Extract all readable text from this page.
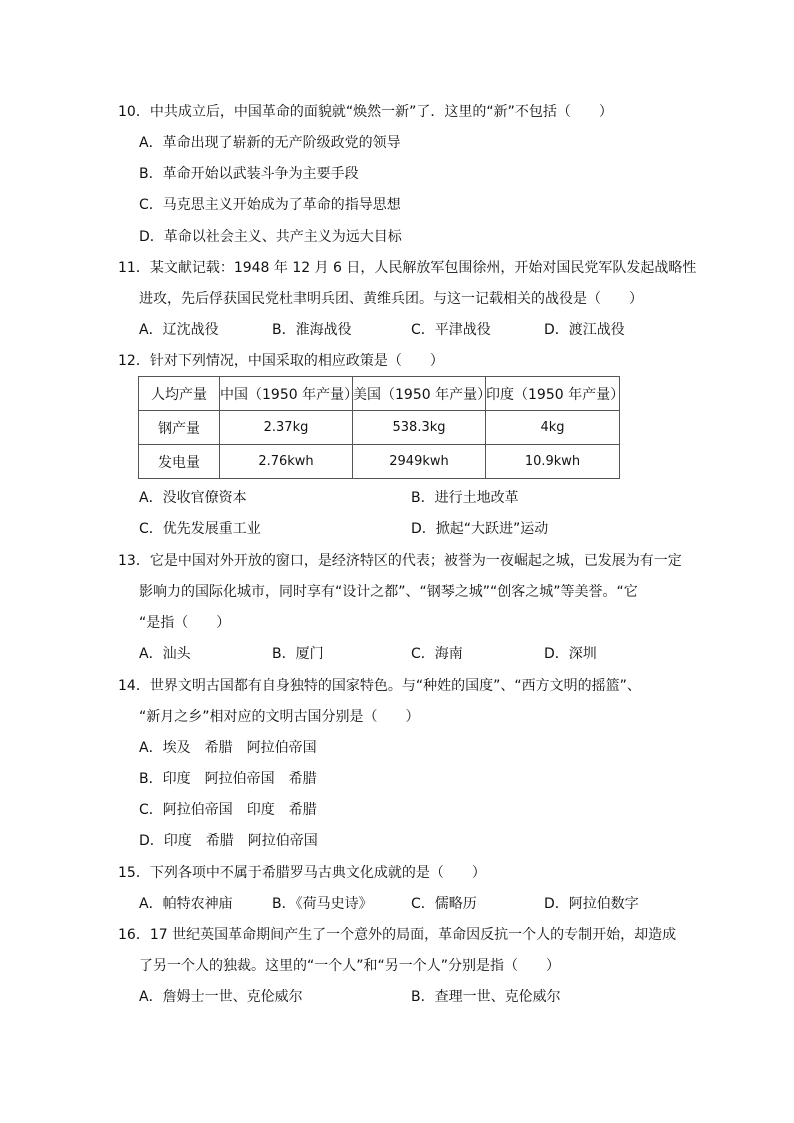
10．中共成立后，中国革命的面貌就“焕然一新”了．这里的“新”不包括（　　）
A．革命出现了崭新的无产阶级政党的领导
B．革命开始以武装斗争为主要手段
C．马克思主义开始成为了革命的指导思想
D．革命以社会主义、共产主义为远大目标
11．某文献记载：1948 年 12 月 6 日，人民解放军包围徐州，开始对国民党军队发起战略性
进攻，先后俘获国民党杜聿明兵团、黄维兵团。与这一记载相关的战役是（　　）
A．辽沈战役	B．淮海战役	C．平津战役	D．渡江战役
12．针对下列情况，中国采取的相应政策是（　　）
人均产量	中国（1950 年产量）	美国（1950 年产量）	印度（1950 年产量）
钢产量	2.37kg	538.3kg	4kg
发电量	2.76kwh	2949kwh	10.9kwh
A．没收官僚资本	B．进行土地改革
C．优先发展重工业	D．掀起“大跃进”运动
13．它是中国对外开放的窗口，是经济特区的代表；被誉为一夜崛起之城，已发展为有一定
影响力的国际化城市，同时享有“设计之都”、“钢琴之城”“创客之城”等美誉。“它
“是指（　　）
A．汕头	B．厦门	C．海南	D．深圳
14．世界文明古国都有自身独特的国家特色。与“种姓的国度”、“西方文明的摇篮”、
“新月之乡”相对应的文明古国分别是（　　）
A．埃及　希腊　阿拉伯帝国
B．印度　阿拉伯帝国　希腊
C．阿拉伯帝国　印度　希腊
D．印度　希腊　阿拉伯帝国
15．下列各项中不属于希腊罗马古典文化成就的是（　　）
A．帕特农神庙	B．《荷马史诗》	C．儒略历	D．阿拉伯数字
16．17 世纪英国革命期间产生了一个意外的局面，革命因反抗一个人的专制开始，却造成
了另一个人的独裁。这里的“一个人”和“另一个人”分别是指（　　）
A．詹姆士一世、克伦威尔	B．查理一世、克伦威尔
